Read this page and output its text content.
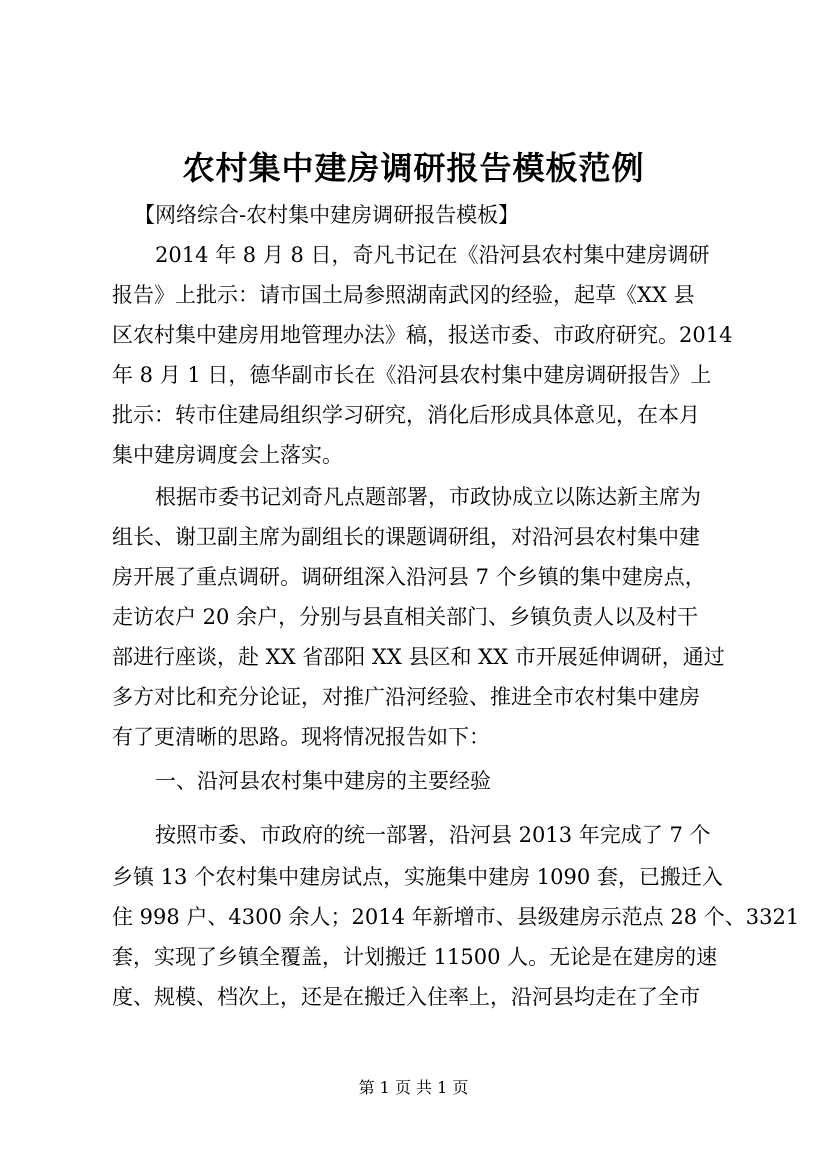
农村集中建房调研报告模板范例
【网络综合-农村集中建房调研报告模板】
2014 年 8 月 8 日，奇凡书记在《沿河县农村集中建房调研
报告》上批示：请市国土局参照湖南武冈的经验，起草《XX 县
区农村集中建房用地管理办法》稿，报送市委、市政府研究。2014
年 8 月 1 日，德华副市长在《沿河县农村集中建房调研报告》上
批示：转市住建局组织学习研究，消化后形成具体意见，在本月
集中建房调度会上落实。
根据市委书记刘奇凡点题部署，市政协成立以陈达新主席为
组长、谢卫副主席为副组长的课题调研组，对沿河县农村集中建
房开展了重点调研。调研组深入沿河县 7 个乡镇的集中建房点，
走访农户 20 余户，分别与县直相关部门、乡镇负责人以及村干
部进行座谈，赴 XX 省邵阳 XX 县区和 XX 市开展延伸调研，通过
多方对比和充分论证，对推广沿河经验、推进全市农村集中建房
有了更清晰的思路。现将情况报告如下：
一、沿河县农村集中建房的主要经验
按照市委、市政府的统一部署，沿河县 2013 年完成了 7 个
乡镇 13 个农村集中建房试点，实施集中建房 1090 套，已搬迁入
住 998 户、4300 余人；2014 年新增市、县级建房示范点 28 个、3321
套，实现了乡镇全覆盖，计划搬迁 11500 人。无论是在建房的速
度、规模、档次上，还是在搬迁入住率上，沿河县均走在了全市
第 1 页 共 1 页
